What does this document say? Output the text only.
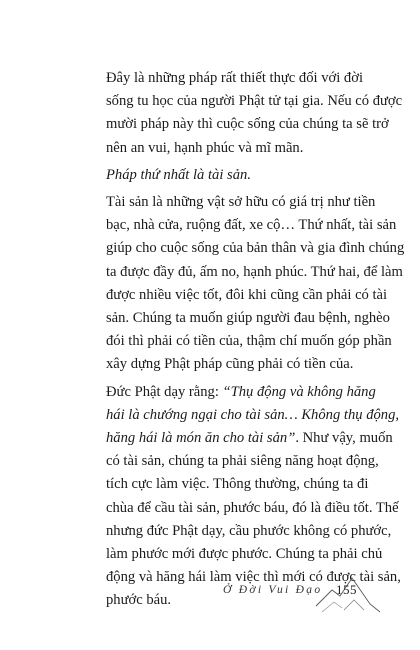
Đây là những pháp rất thiết thực đối với đời
sống tu học của người Phật tử tại gia. Nếu có được
mười pháp này thì cuộc sống của chúng ta sẽ trở
nên an vui, hạnh phúc và mĩ mãn.

Pháp thứ nhất là tài sản.

Tài sản là những vật sở hữu có giá trị như tiền
bạc, nhà cửa, ruộng đất, xe cộ… Thứ nhất, tài sản
giúp cho cuộc sống của bản thân và gia đình chúng
ta được đầy đủ, ấm no, hạnh phúc. Thứ hai, để làm
được nhiều việc tốt, đôi khi cũng cần phải có tài
sản. Chúng ta muốn giúp người đau bệnh, nghèo
đói thì phải có tiền của, thậm chí muốn góp phần
xây dựng Phật pháp cũng phải có tiền của.

Đức Phật dạy rằng: “Thụ động và không hăng
hái là chướng ngại cho tài sản… Không thụ động,
hăng hái là món ăn cho tài sản”. Như vậy, muốn
có tài sản, chúng ta phải siêng năng hoạt động,
tích cực làm việc. Thông thường, chúng ta đi
chùa để cầu tài sản, phước báu, đó là điều tốt. Thế
nhưng đức Phật dạy, cầu phước không có phước,
làm phước mới được phước. Chúng ta phải chủ
động và hăng hái làm việc thì mới có được tài sản,
phước báu.

Ở Đời Vui Đạo 155
